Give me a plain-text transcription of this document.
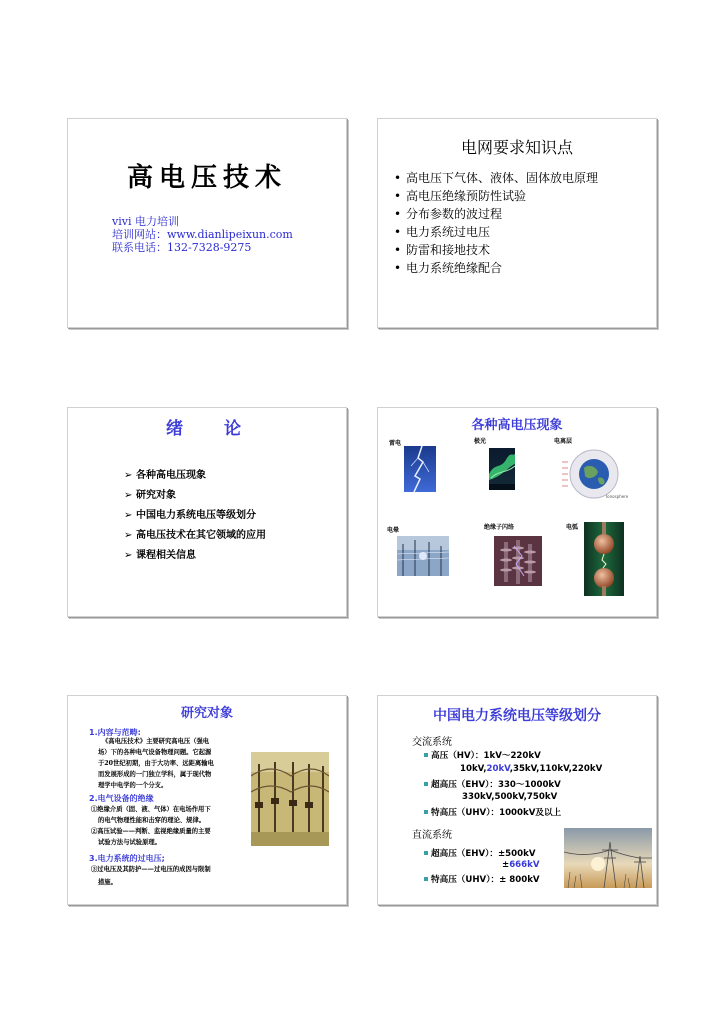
高电压技术
vivi 电力培训
培训网站：www.dianlipeixun.com
联系电话：132-7328-9275
电网要求知识点
• 高电压下气体、液体、固体放电原理
• 高电压绝缘预防性试验
• 分布参数的波过程
• 电力系统过电压
• 防雷和接地技术
• 电力系统绝缘配合
绪 论
➢ 各种高电压现象
➢ 研究对象
➢ 中国电力系统电压等级划分
➢ 高电压技术在其它领域的应用
➢ 课程相关信息
各种高电压现象
雷电	极光	电离层
电晕	绝缘子闪络	电弧
Ionosphere
研究对象
1.内容与范畴:
《高电压技术》主要研究高电压（强电
场）下的各种电气设备物理问题。它起源
于20世纪初期，由于大功率、远距离输电
而发展形成的一门独立学科，属于现代物
理学中电学的一个分支。
2.电气设备的绝缘
①绝缘介质（固、液、气体）在电场作用下
的电气物理性能和击穿的理论、规律。
②高压试验——判断、监视绝缘质量的主要
试验方法与试验原理。
3.电力系统的过电压;
③过电压及其防护——过电压的成因与限制
措施。
中国电力系统电压等级划分
交流系统
高压（HV）：1kV～220kV
10kV,20kV,35kV,110kV,220kV
超高压（EHV）：330～1000kV
330kV,500kV,750kV
特高压（UHV）：1000kV及以上
直流系统
超高压（EHV）：±500kV
±666kV
特高压（UHV）：± 800kV
